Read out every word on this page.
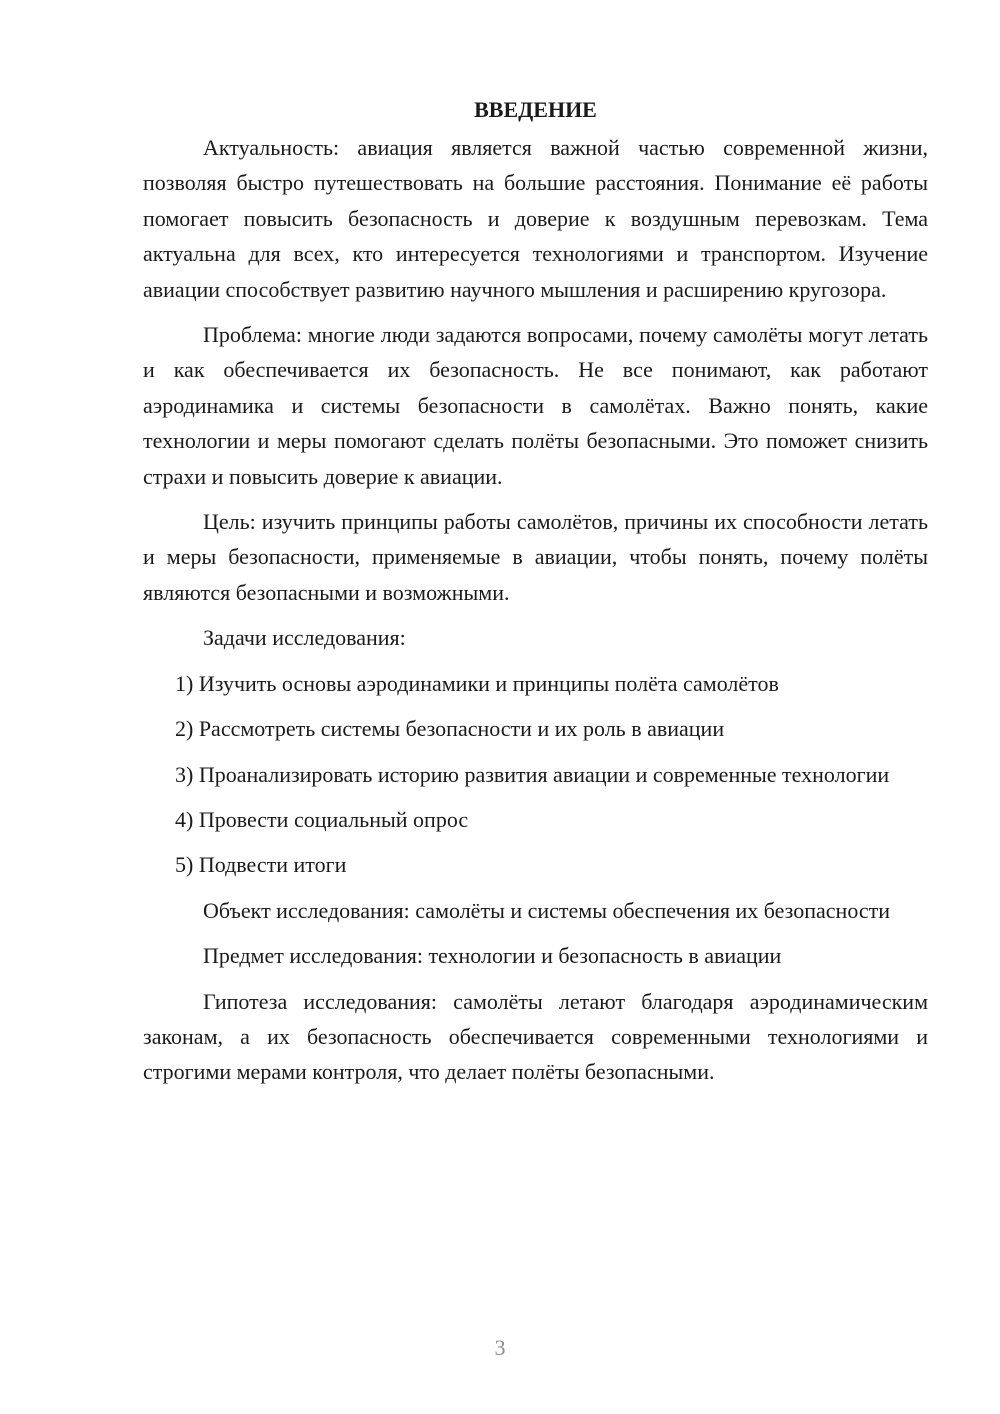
ВВЕДЕНИЕ

Актуальность: авиация является важной частью современной жизни, позволяя быстро путешествовать на большие расстояния. Понимание её работы помогает повысить безопасность и доверие к воздушным перевозкам. Тема актуальна для всех, кто интересуется технологиями и транспортом. Изучение авиации способствует развитию научного мышления и расширению кругозора.

Проблема: многие люди задаются вопросами, почему самолёты могут летать и как обеспечивается их безопасность. Не все понимают, как работают аэродинамика и системы безопасности в самолётах. Важно понять, какие технологии и меры помогают сделать полёты безопасными. Это поможет снизить страхи и повысить доверие к авиации.

Цель: изучить принципы работы самолётов, причины их способности летать и меры безопасности, применяемые в авиации, чтобы понять, почему полёты являются безопасными и возможными.

Задачи исследования:

1) Изучить основы аэродинамики и принципы полёта самолётов

2) Рассмотреть системы безопасности и их роль в авиации

3) Проанализировать историю развития авиации и современные технологии

4) Провести социальный опрос

5) Подвести итоги

Объект исследования: самолёты и системы обеспечения их безопасности

Предмет исследования: технологии и безопасность в авиации

Гипотеза исследования: самолёты летают благодаря аэродинамическим законам, а их безопасность обеспечивается современными технологиями и строгими мерами контроля, что делает полёты безопасными.

3
